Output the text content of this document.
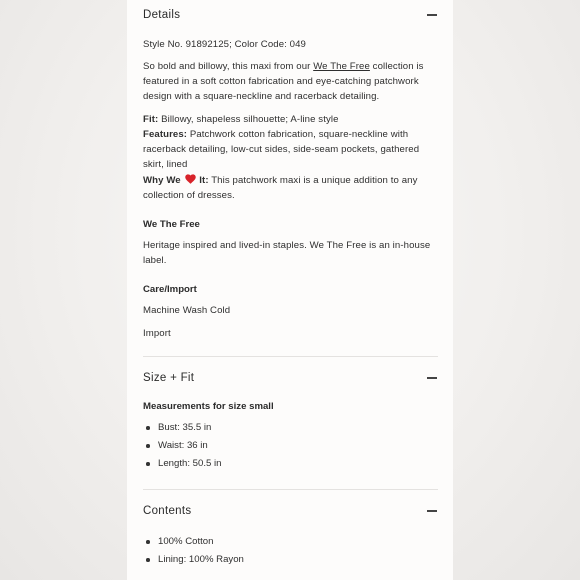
Details

Style No. 91892125; Color Code: 049

So bold and billowy, this maxi from our We The Free collection is featured in a soft cotton fabrication and eye-catching patchwork design with a square-neckline and racerback detailing.

Fit: Billowy, shapeless silhouette; A-line style

Features: Patchwork cotton fabrication, square-neckline with racerback detailing, low-cut sides, side-seam pockets, gathered skirt, lined

Why We It: This patchwork maxi is a unique addition to any collection of dresses.

We The Free

Heritage inspired and lived-in staples. We The Free is an in-house label.

Care/Import

Machine Wash Cold

Import

Size + Fit

Measurements for size small

Bust: 35.5 in
Waist: 36 in
Length: 50.5 in
Contents
100% Cotton
Lining: 100% Rayon
